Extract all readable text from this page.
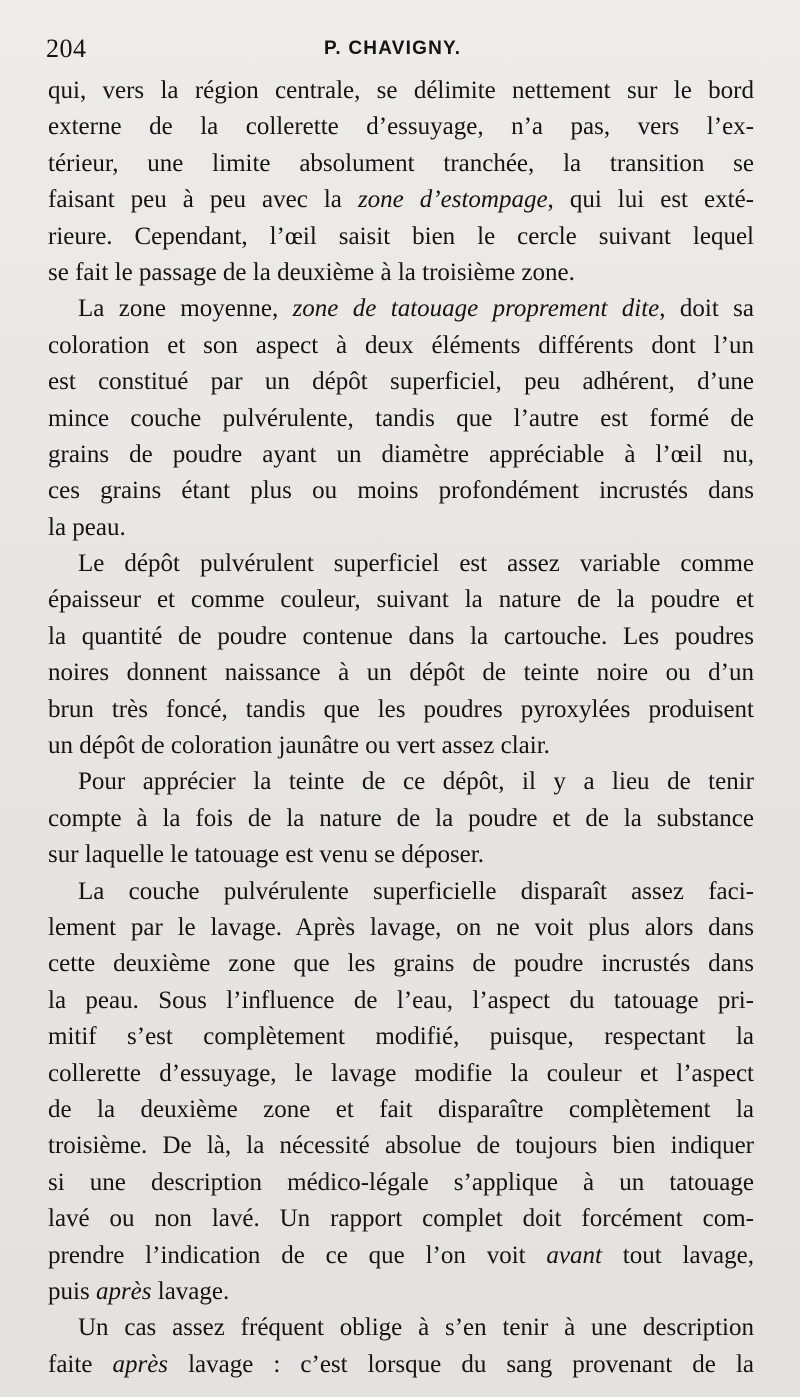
204	P. CHAVIGNY.
qui, vers la région centrale, se délimite nettement sur le bord
externe de la collerette d’essuyage, n’a pas, vers l’ex-
térieur, une limite absolument tranchée, la transition se
faisant peu à peu avec la zone d’estompage, qui lui est exté-
rieure. Cependant, l’œil saisit bien le cercle suivant lequel
se fait le passage de la deuxième à la troisième zone.
La zone moyenne, zone de tatouage proprement dite, doit sa
coloration et son aspect à deux éléments différents dont l’un
est constitué par un dépôt superficiel, peu adhérent, d’une
mince couche pulvérulente, tandis que l’autre est formé de
grains de poudre ayant un diamètre appréciable à l’œil nu,
ces grains étant plus ou moins profondément incrustés dans
la peau.
Le dépôt pulvérulent superficiel est assez variable comme
épaisseur et comme couleur, suivant la nature de la poudre et
la quantité de poudre contenue dans la cartouche. Les poudres
noires donnent naissance à un dépôt de teinte noire ou d’un
brun très foncé, tandis que les poudres pyroxylées produisent
un dépôt de coloration jaunâtre ou vert assez clair.
Pour apprécier la teinte de ce dépôt, il y a lieu de tenir
compte à la fois de la nature de la poudre et de la substance
sur laquelle le tatouage est venu se déposer.
La couche pulvérulente superficielle disparaît assez faci-
lement par le lavage. Après lavage, on ne voit plus alors dans
cette deuxième zone que les grains de poudre incrustés dans
la peau. Sous l’influence de l’eau, l’aspect du tatouage pri-
mitif s’est complètement modifié, puisque, respectant la
collerette d’essuyage, le lavage modifie la couleur et l’aspect
de la deuxième zone et fait disparaître complètement la
troisième. De là, la nécessité absolue de toujours bien indiquer
si une description médico-légale s’applique à un tatouage
lavé ou non lavé. Un rapport complet doit forcément com-
prendre l’indication de ce que l’on voit avant tout lavage,
puis après lavage.
Un cas assez fréquent oblige à s’en tenir à une description
faite après lavage : c’est lorsque du sang provenant de la
